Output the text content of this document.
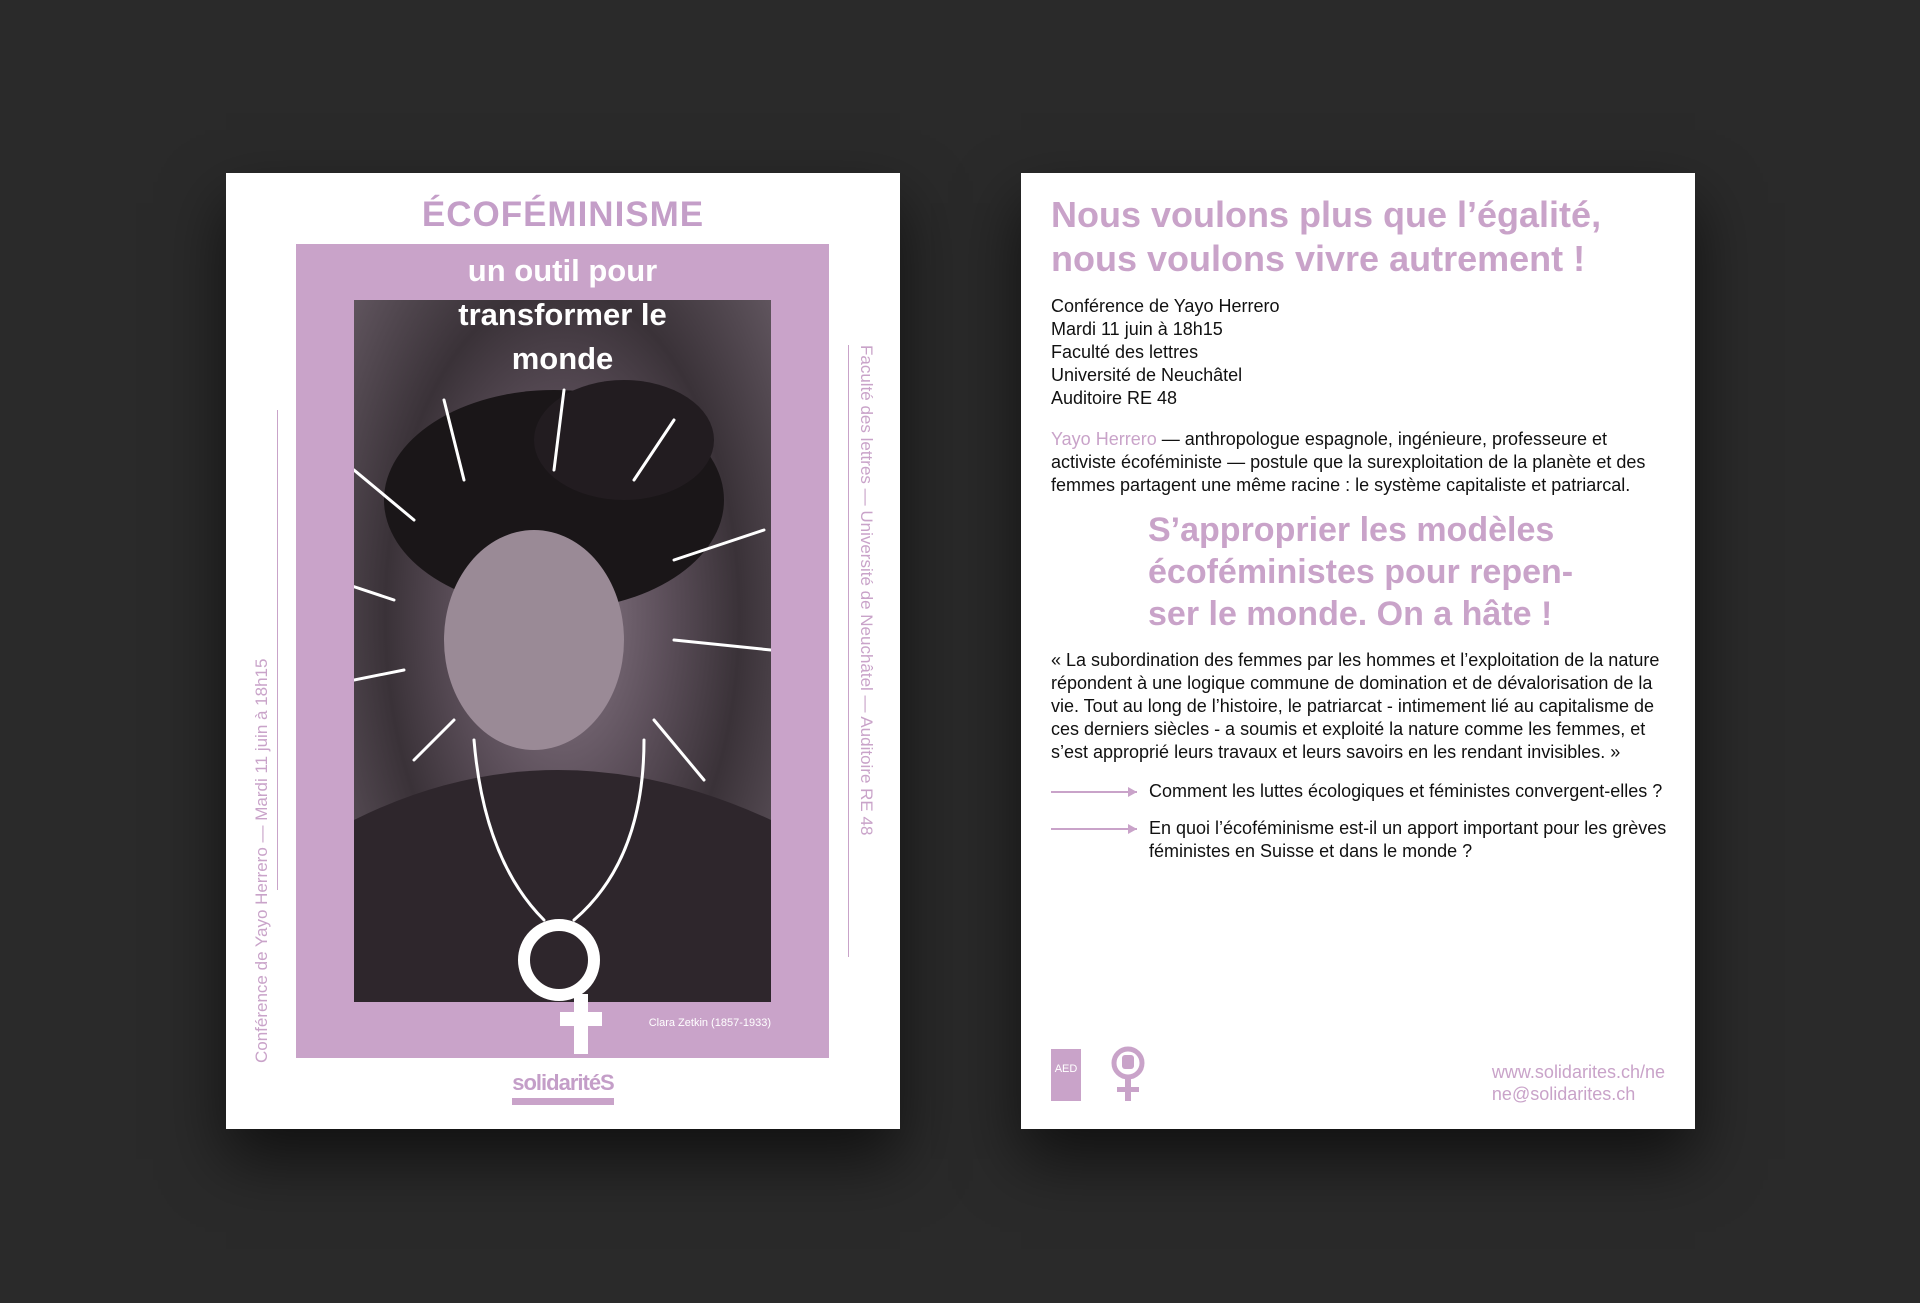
ÉCOFÉMINISME
Conférence de Yayo Herrero — Mardi 11 juin à 18h15
Faculté des lettres — Université de Neuchâtel — Auditoire RE 48
un outil pour
transformer le
monde
Clara Zetkin (1857-1933)
solidaritéS
Nous voulons plus que l’égalité,
nous voulons vivre autrement !
Conférence de Yayo Herrero
Mardi 11 juin à 18h15
Faculté des lettres
Université de Neuchâtel
Auditoire RE 48
Yayo Herrero — anthropologue espagnole, ingénieure, professeure et activiste écoféministe — postule que la surexploitation de la planète et des femmes partagent une même racine : le système capitaliste et patriarcal.
S’approprier les modèles
écoféministes pour repen-
ser le monde. On a hâte !
« La subordination des femmes par les hommes et l’exploitation de la nature répondent à une logique commune de domination et de dévalorisation de la vie. Tout au long de l’histoire, le patriarcat - intimement lié au capitalisme de ces derniers siècles - a soumis et exploité la nature comme les femmes, et s’est approprié leurs travaux et leurs savoirs en les rendant invisibles. »
Comment les luttes écologiques et féministes convergent-elles ?
En quoi l’écoféminisme est-il un apport important pour les grèves féministes en Suisse et dans le monde ?
AED	www.solidarites.ch/ne
ne@solidarites.ch
